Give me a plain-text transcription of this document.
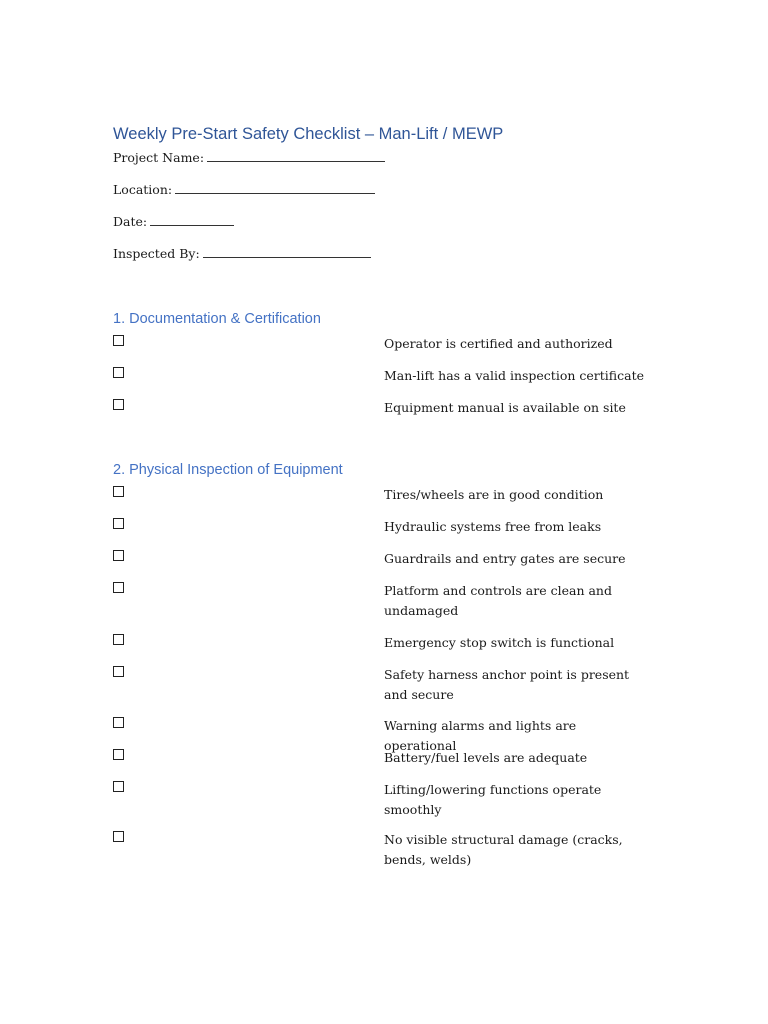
Weekly Pre-Start Safety Checklist – Man-Lift / MEWP
Project Name:
Location:
Date:
Inspected By:
1. Documentation & Certification
Operator is certified and authorized
Man-lift has a valid inspection certificate
Equipment manual is available on site
2. Physical Inspection of Equipment
Tires/wheels are in good condition
Hydraulic systems free from leaks
Guardrails and entry gates are secure
Platform and controls are clean and undamaged
Emergency stop switch is functional
Safety harness anchor point is present and secure
Warning alarms and lights are operational
Battery/fuel levels are adequate
Lifting/lowering functions operate smoothly
No visible structural damage (cracks, bends, welds)
